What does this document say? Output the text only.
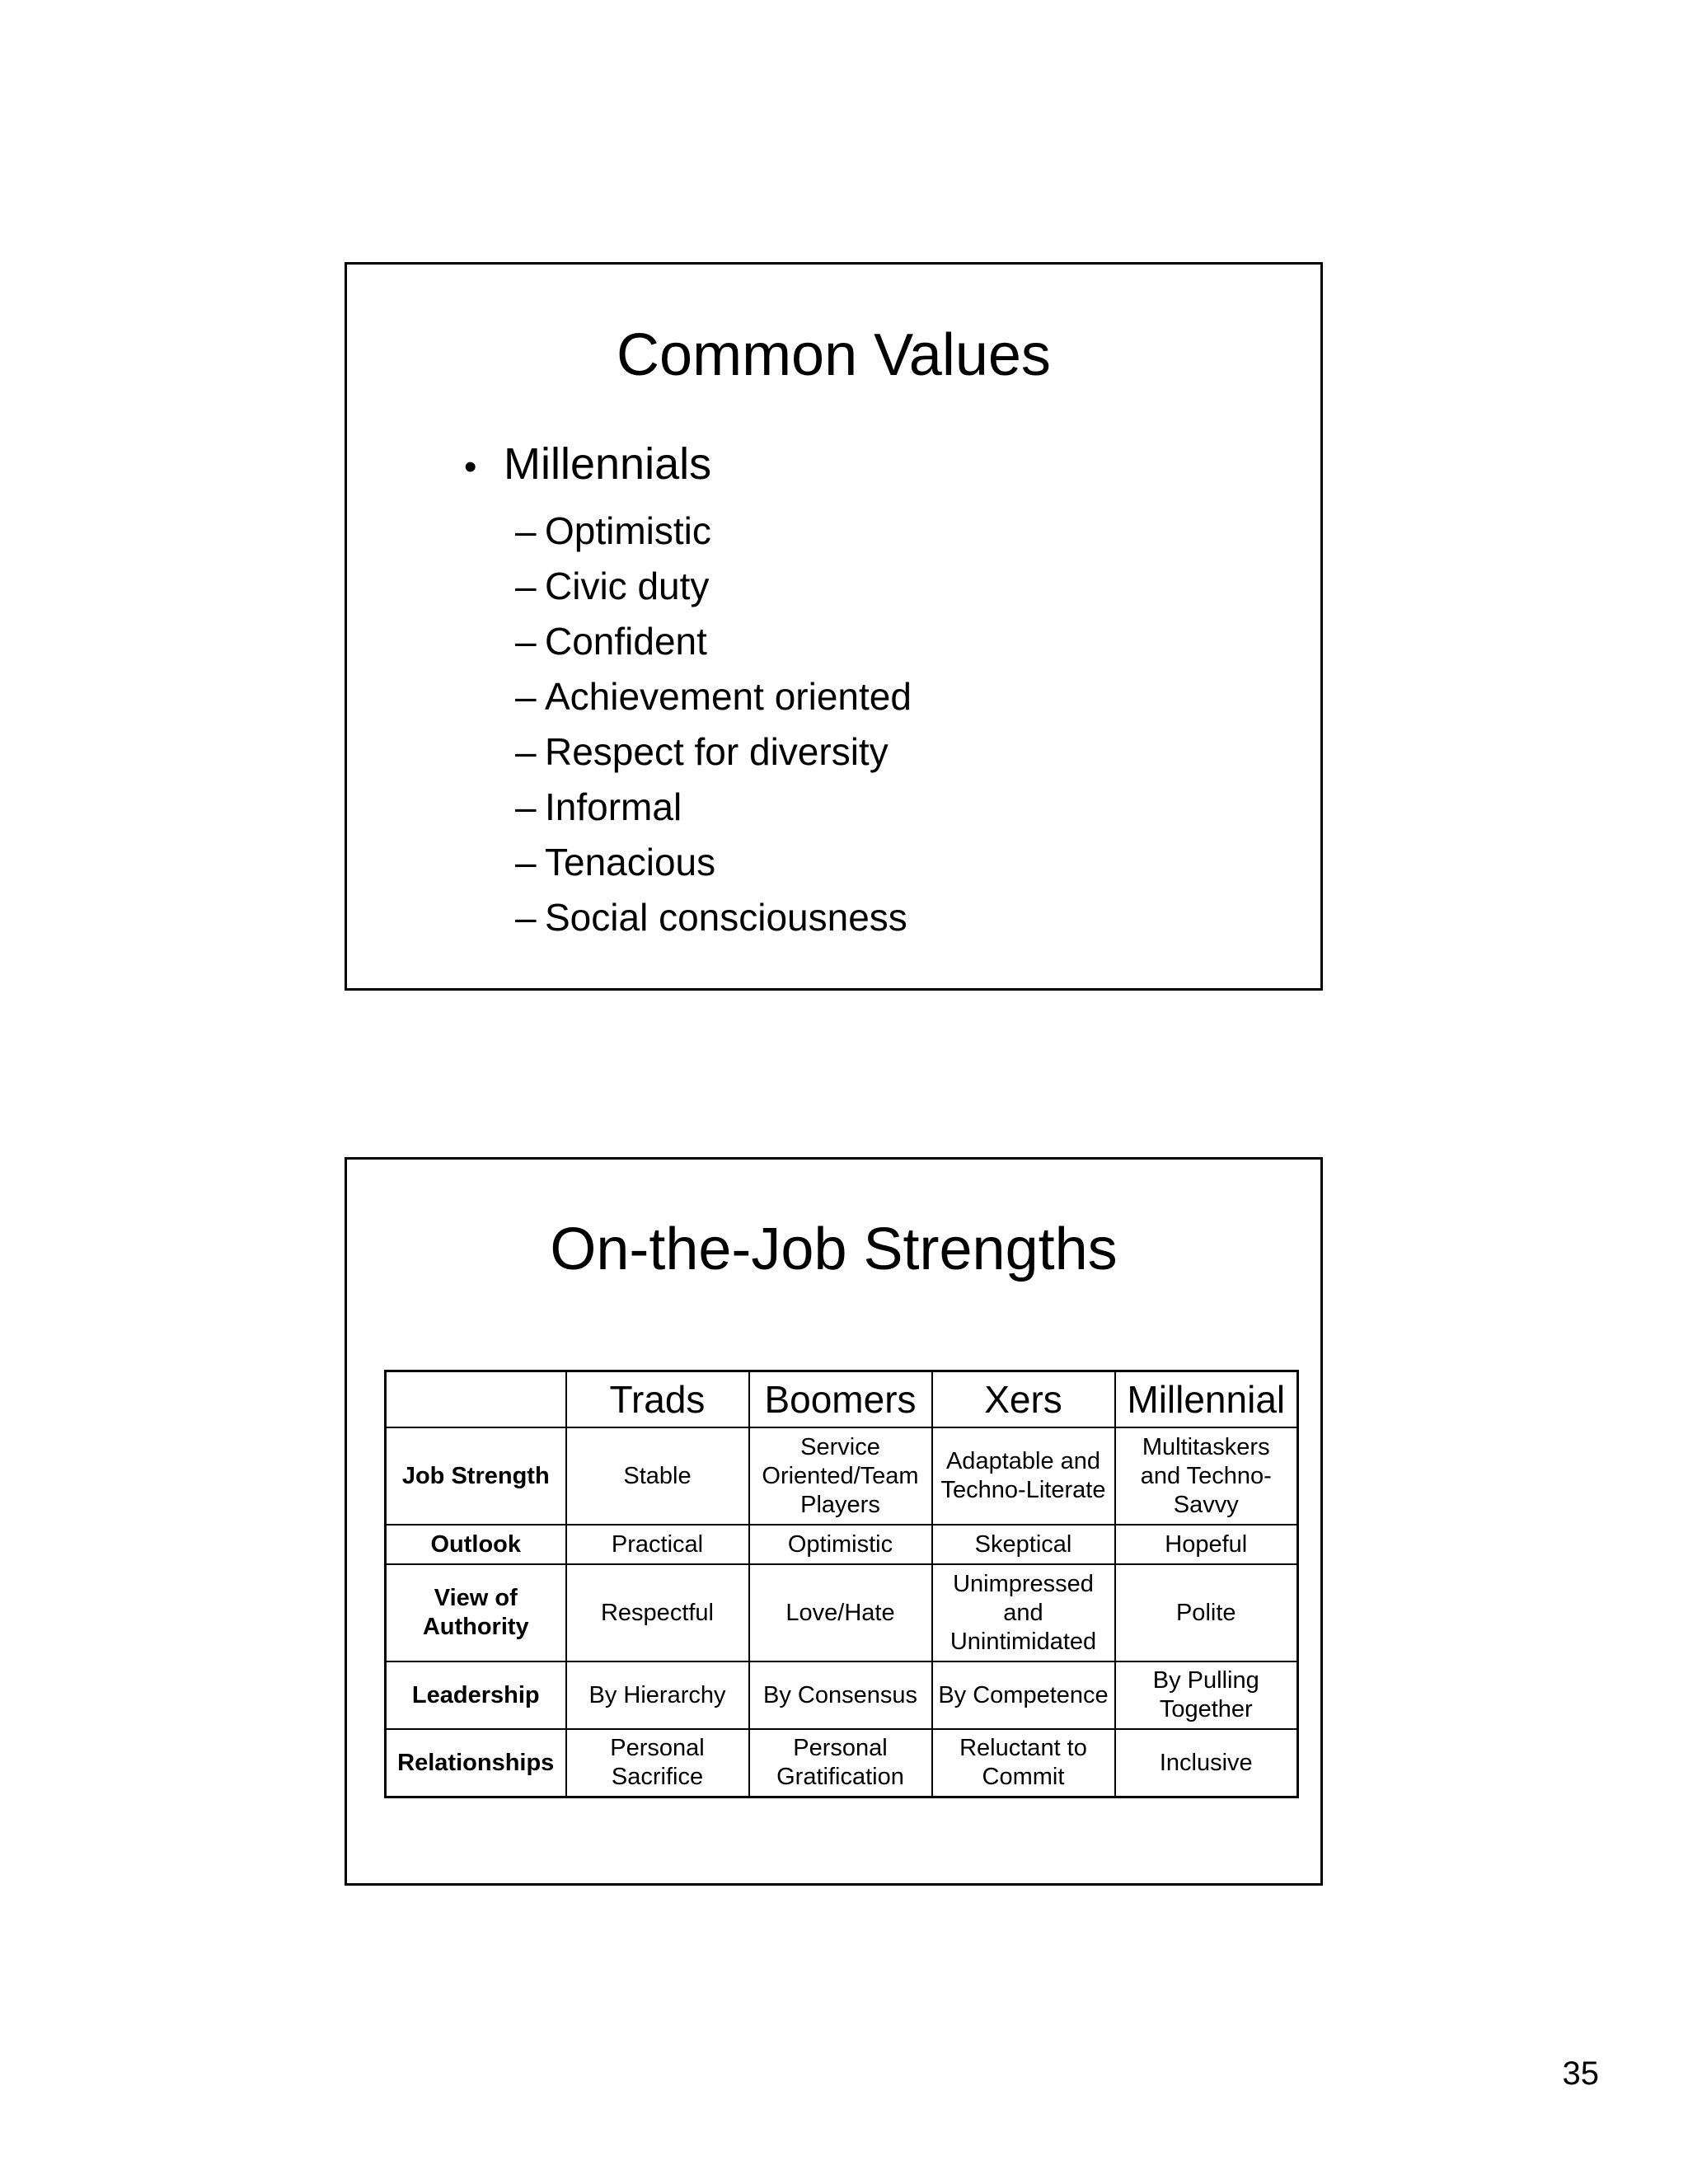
Common Values
• Millennials
– Optimistic
– Civic duty
– Confident
– Achievement oriented
– Respect for diversity
– Informal
– Tenacious
– Social consciousness
On-the-Job Strengths
	Trads	Boomers	Xers	Millennial
Job Strength	Stable	Service Oriented/Team Players	Adaptable and Techno-Literate	Multitaskers and Techno-Savvy
Outlook	Practical	Optimistic	Skeptical	Hopeful
View of Authority	Respectful	Love/Hate	Unimpressed and Unintimidated	Polite
Leadership	By Hierarchy	By Consensus	By Competence	By Pulling Together
Relationships	Personal Sacrifice	Personal Gratification	Reluctant to Commit	Inclusive
35
